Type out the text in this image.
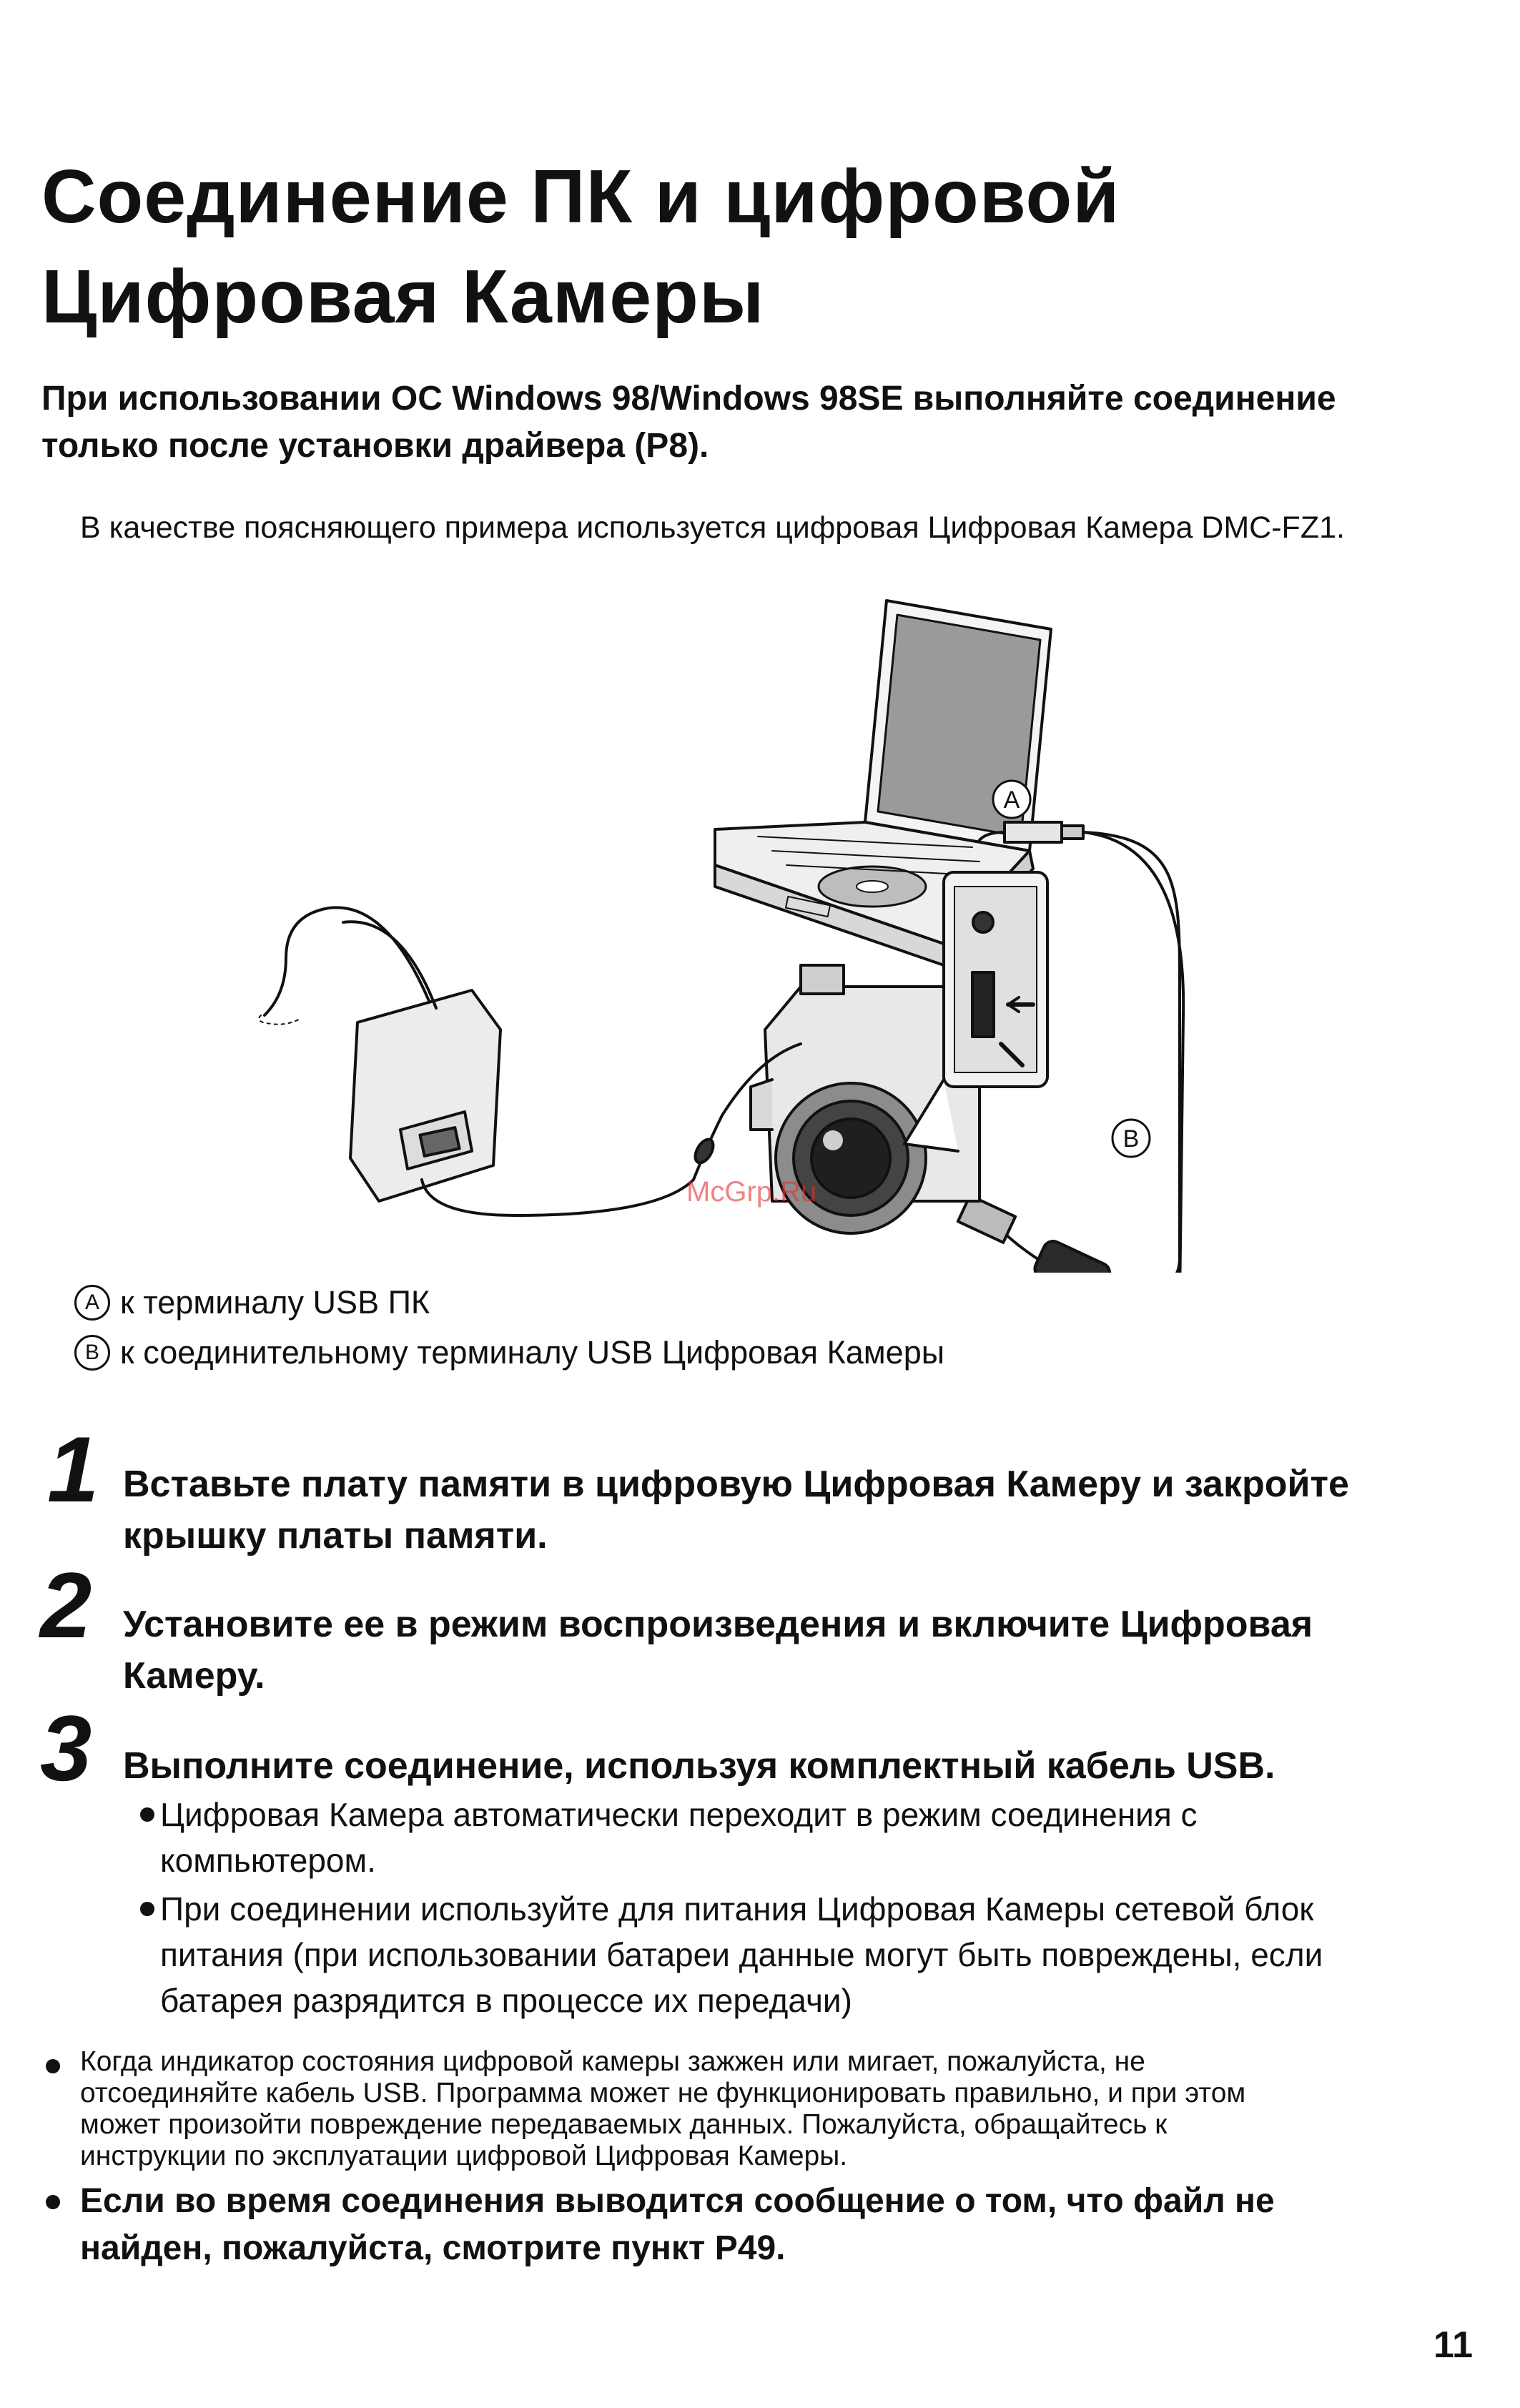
Соединение ПК и цифровой
Цифровая Камеры
При использовании ОС Windows 98/Windows 98SE выполняйте соединение
только после установки драйвера (P8).
В качестве поясняющего примера используется цифровая Цифровая Камера DMC-FZ1.
A
B
McGrp.Ru
A к терминалу USB ПК
B к соединительному терминалу USB Цифровая Камеры
1 Вставьте плату памяти в цифровую Цифровая Камеру и закройте
крышку платы памяти.
2 Установите ее в режим воспроизведения и включите Цифровая
Камеру.
3 Выполните соединение, используя комплектный кабель USB.
Цифровая Камера автоматически переходит в режим соединения с
компьютером.
При соединении используйте для питания Цифровая Камеры сетевой блок
питания (при использовании батареи данные могут быть повреждены, если
батарея разрядится в процессе их передачи)
Когда индикатор состояния цифровой камеры зажжен или мигает, пожалуйста, не
отсоединяйте кабель USB. Программа может не функционировать правильно, и при этом
может произойти повреждение передаваемых данных. Пожалуйста, обращайтесь к
инструкции по эксплуатации цифровой Цифровая Камеры.
Если во время соединения выводится сообщение о том, что файл не
найден, пожалуйста, смотрите пункт P49.
11
